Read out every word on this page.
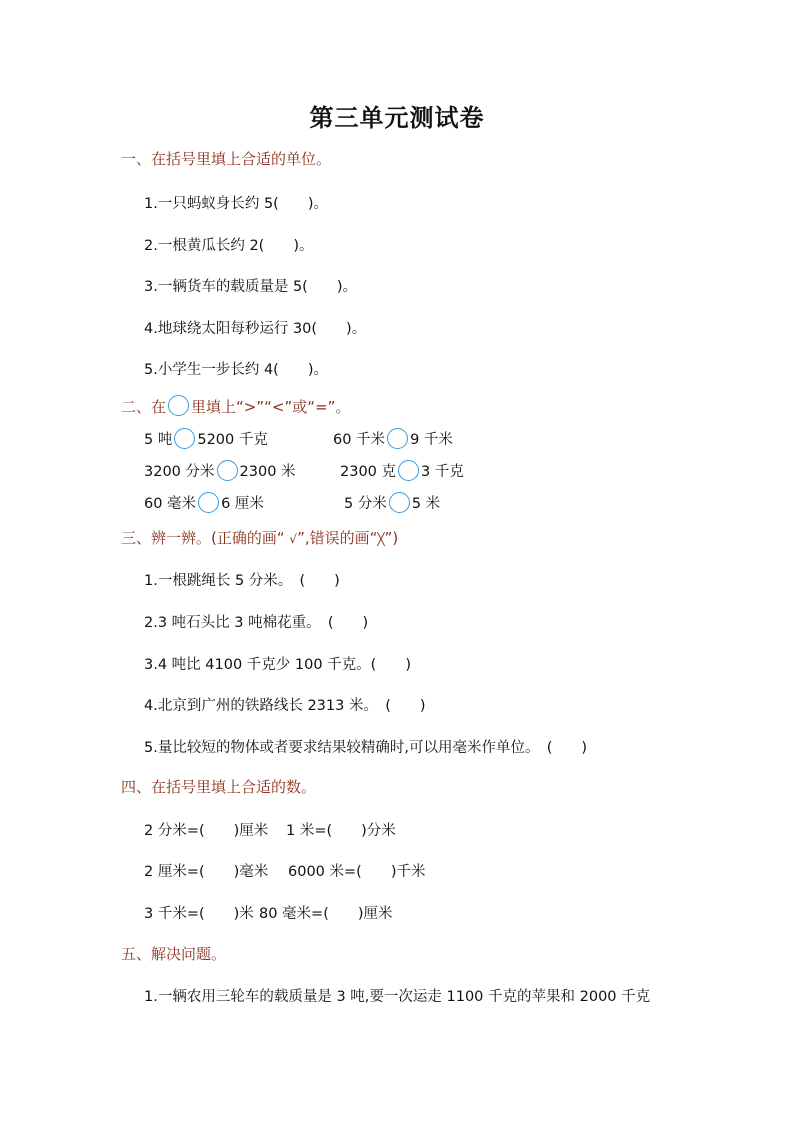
第三单元测试卷
一、在括号里填上合适的单位。
1.一只蚂蚁身长约 5(　　)。
2.一根黄瓜长约 2(　　)。
3.一辆货车的载质量是 5(　　)。
4.地球绕太阳每秒运行 30(　　)。
5.小学生一步长约 4(　　)。
二、在 里填上“>”“<”或“=”。
5 吨 5200 千克	60 千米 9 千米
3200 分米 2300 米	2300 克 3 千克
60 毫米 6 厘米	5 分米 5 米
三、辨一辨。(正确的画“ √”,错误的画“╳”)
1.一根跳绳长 5 分米。　(　　)
2.3 吨石头比 3 吨棉花重。　(　　)
3.4 吨比 4100 千克少 100 千克。(　　)
4.北京到广州的铁路线长 2313 米。　(　　)
5.量比较短的物体或者要求结果较精确时,可以用毫米作单位。　(　　)
四、在括号里填上合适的数。
2 分米=(　　)厘米 1 米=(　　)分米
2 厘米=(　　)毫米 6000 米=(　　)千米
3 千米=(　　)米 80 毫米=(　　)厘米
五、解决问题。
1.一辆农用三轮车的载质量是 3 吨,要一次运走 1100 千克的苹果和 2000 千克
